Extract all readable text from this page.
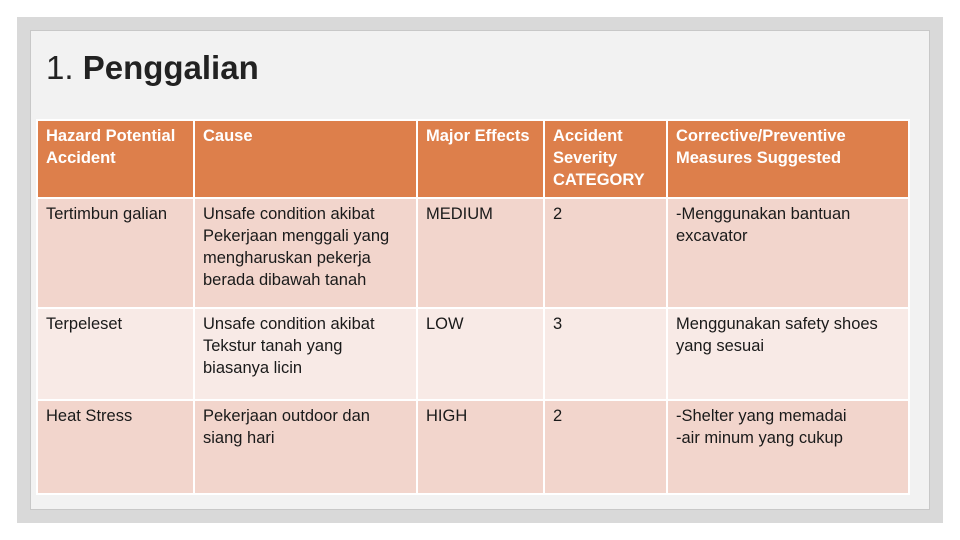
1. Penggalian
Hazard Potential Accident	Cause	Major Effects	Accident Severity CATEGORY	Corrective/Preventive Measures Suggested
Tertimbun galian	Unsafe condition akibat Pekerjaan menggali yang mengharuskan pekerja berada dibawah tanah	MEDIUM	2	-Menggunakan bantuan excavator

Terpeleset	Unsafe condition akibat Tekstur tanah yang biasanya licin	LOW	3	Menggunakan safety shoes yang sesuai

Heat Stress	Pekerjaan outdoor dan siang hari	HIGH	2	-Shelter yang memadai
-air minum yang cukup
